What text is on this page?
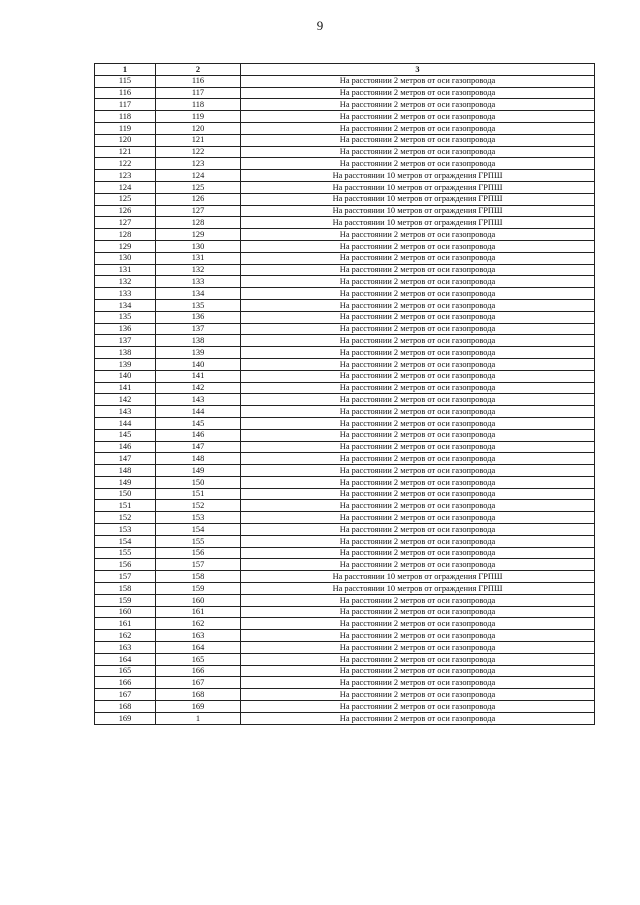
9
1	2	3
115	116	На расстоянии 2 метров от оси газопровода
116	117	На расстоянии 2 метров от оси газопровода
117	118	На расстоянии 2 метров от оси газопровода
118	119	На расстоянии 2 метров от оси газопровода
119	120	На расстоянии 2 метров от оси газопровода
120	121	На расстоянии 2 метров от оси газопровода
121	122	На расстоянии 2 метров от оси газопровода
122	123	На расстоянии 2 метров от оси газопровода
123	124	На расстоянии 10 метров от ограждения ГРПШ
124	125	На расстоянии 10 метров от ограждения ГРПШ
125	126	На расстоянии 10 метров от ограждения ГРПШ
126	127	На расстоянии 10 метров от ограждения ГРПШ
127	128	На расстоянии 10 метров от ограждения ГРПШ
128	129	На расстоянии 2 метров от оси газопровода
129	130	На расстоянии 2 метров от оси газопровода
130	131	На расстоянии 2 метров от оси газопровода
131	132	На расстоянии 2 метров от оси газопровода
132	133	На расстоянии 2 метров от оси газопровода
133	134	На расстоянии 2 метров от оси газопровода
134	135	На расстоянии 2 метров от оси газопровода
135	136	На расстоянии 2 метров от оси газопровода
136	137	На расстоянии 2 метров от оси газопровода
137	138	На расстоянии 2 метров от оси газопровода
138	139	На расстоянии 2 метров от оси газопровода
139	140	На расстоянии 2 метров от оси газопровода
140	141	На расстоянии 2 метров от оси газопровода
141	142	На расстоянии 2 метров от оси газопровода
142	143	На расстоянии 2 метров от оси газопровода
143	144	На расстоянии 2 метров от оси газопровода
144	145	На расстоянии 2 метров от оси газопровода
145	146	На расстоянии 2 метров от оси газопровода
146	147	На расстоянии 2 метров от оси газопровода
147	148	На расстоянии 2 метров от оси газопровода
148	149	На расстоянии 2 метров от оси газопровода
149	150	На расстоянии 2 метров от оси газопровода
150	151	На расстоянии 2 метров от оси газопровода
151	152	На расстоянии 2 метров от оси газопровода
152	153	На расстоянии 2 метров от оси газопровода
153	154	На расстоянии 2 метров от оси газопровода
154	155	На расстоянии 2 метров от оси газопровода
155	156	На расстоянии 2 метров от оси газопровода
156	157	На расстоянии 2 метров от оси газопровода
157	158	На расстоянии 10 метров от ограждения ГРПШ
158	159	На расстоянии 10 метров от ограждения ГРПШ
159	160	На расстоянии 2 метров от оси газопровода
160	161	На расстоянии 2 метров от оси газопровода
161	162	На расстоянии 2 метров от оси газопровода
162	163	На расстоянии 2 метров от оси газопровода
163	164	На расстоянии 2 метров от оси газопровода
164	165	На расстоянии 2 метров от оси газопровода
165	166	На расстоянии 2 метров от оси газопровода
166	167	На расстоянии 2 метров от оси газопровода
167	168	На расстоянии 2 метров от оси газопровода
168	169	На расстоянии 2 метров от оси газопровода
169	1	На расстоянии 2 метров от оси газопровода
